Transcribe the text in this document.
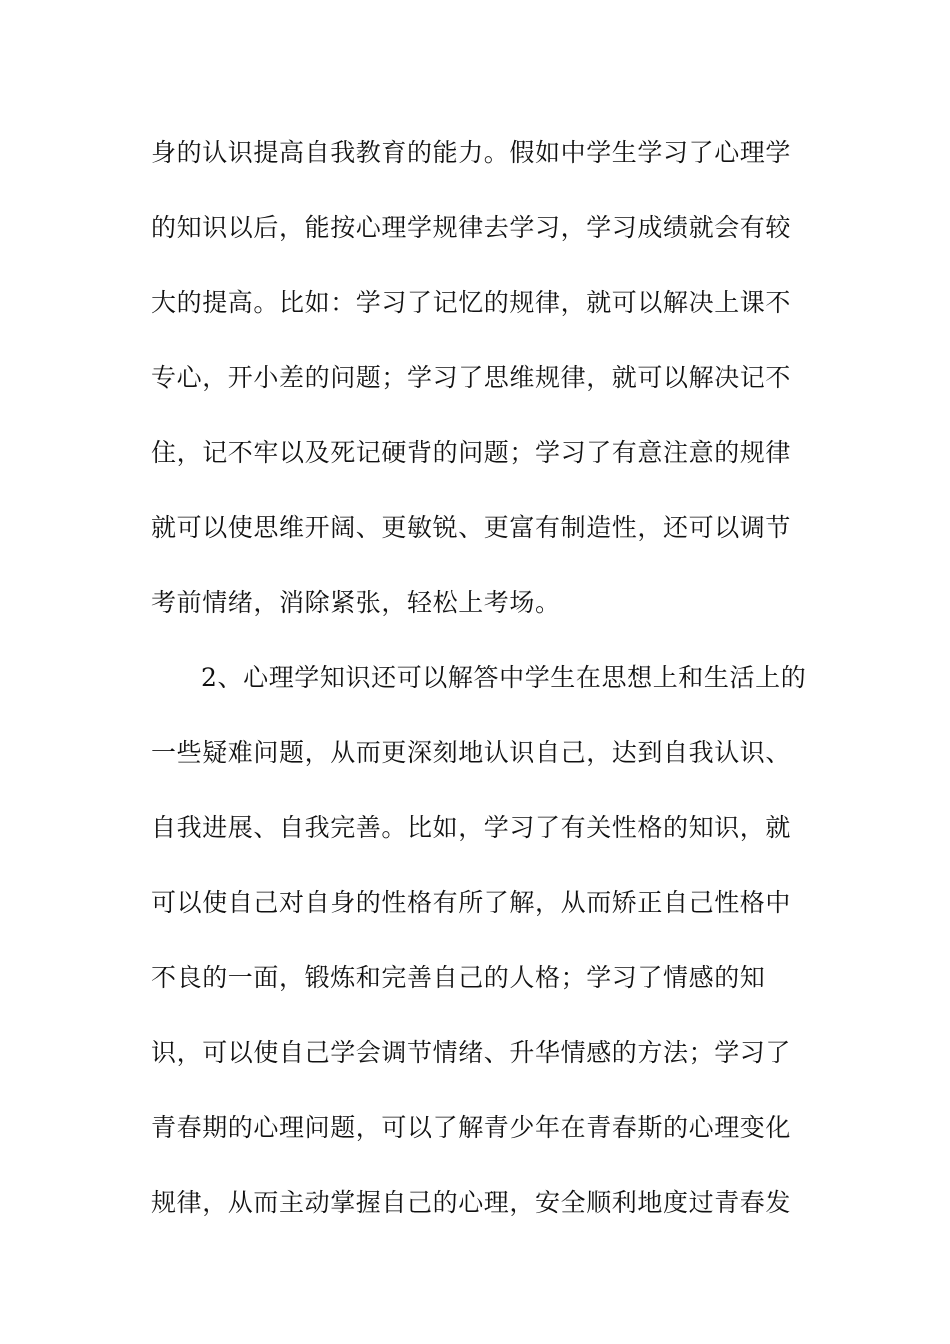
身的认识提高自我教育的能力。假如中学生学习了心理学
的知识以后，能按心理学规律去学习，学习成绩就会有较
大的提高。比如：学习了记忆的规律，就可以解决上课不
专心，开小差的问题；学习了思维规律，就可以解决记不
住，记不牢以及死记硬背的问题；学习了有意注意的规律
就可以使思维开阔、更敏锐、更富有制造性，还可以调节
考前情绪，消除紧张，轻松上考场。
2、心理学知识还可以解答中学生在思想上和生活上的
一些疑难问题，从而更深刻地认识自己，达到自我认识、
自我进展、自我完善。比如，学习了有关性格的知识，就
可以使自己对自身的性格有所了解，从而矫正自己性格中
不良的一面，锻炼和完善自己的人格；学习了情感的知
识，可以使自己学会调节情绪、升华情感的方法；学习了
青春期的心理问题，可以了解青少年在青春斯的心理变化
规律，从而主动掌握自己的心理，安全顺利地度过青春发
